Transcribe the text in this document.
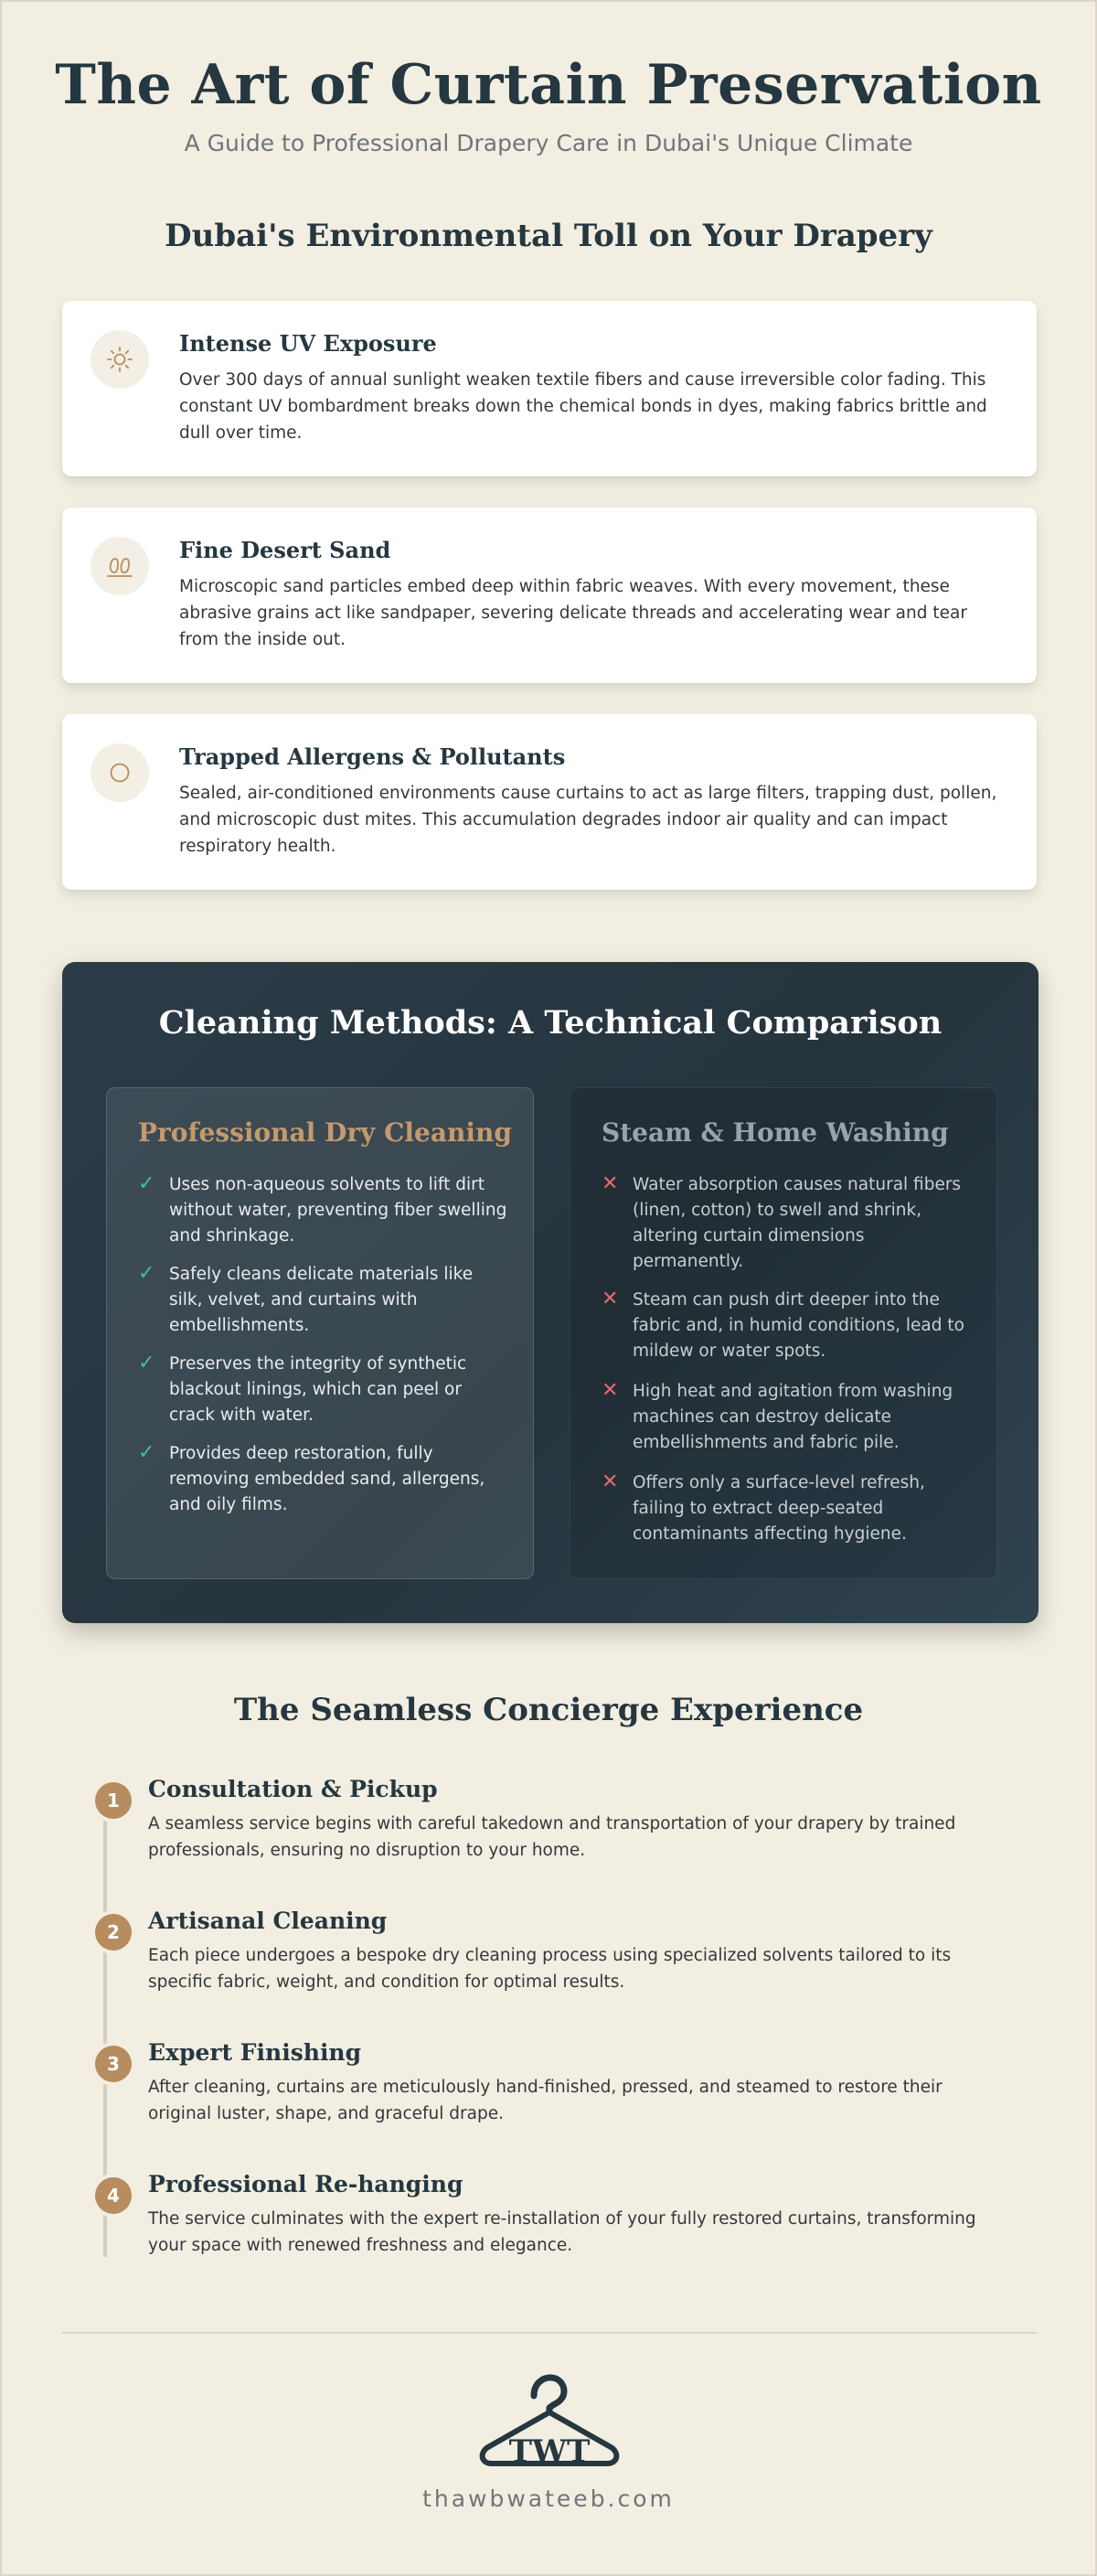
The Art of Curtain Preservation
A Guide to Professional Drapery Care in Dubai's Unique Climate
Dubai's Environmental Toll on Your Drapery
Intense UV Exposure

Over 300 days of annual sunlight weaken textile fibers and cause irreversible color fading. This constant UV bombardment breaks down the chemical bonds in dyes, making fabrics brittle and dull over time.

Fine Desert Sand

Microscopic sand particles embed deep within fabric weaves. With every movement, these abrasive grains act like sandpaper, severing delicate threads and accelerating wear and tear from the inside out.

Trapped Allergens & Pollutants

Sealed, air-conditioned environments cause curtains to act as large filters, trapping dust, pollen, and microscopic dust mites. This accumulation degrades indoor air quality and can impact respiratory health.

Cleaning Methods: A Technical Comparison
Professional Dry Cleaning
✓ Uses non-aqueous solvents to lift dirt without water, preventing fiber swelling and shrinkage.
✓ Safely cleans delicate materials like silk, velvet, and curtains with embellishments.
✓ Preserves the integrity of synthetic blackout linings, which can peel or crack with water.
✓ Provides deep restoration, fully removing embedded sand, allergens, and oily films.
Steam & Home Washing
✕ Water absorption causes natural fibers (linen, cotton) to swell and shrink, altering curtain dimensions permanently.
✕ Steam can push dirt deeper into the fabric and, in humid conditions, lead to mildew or water spots.
✕ High heat and agitation from washing machines can destroy delicate embellishments and fabric pile.
✕ Offers only a surface-level refresh, failing to extract deep-seated contaminants affecting hygiene.
The Seamless Concierge Experience
1	Consultation & Pickup

A seamless service begins with careful takedown and transportation of your drapery by trained professionals, ensuring no disruption to your home.

2	Artisanal Cleaning

Each piece undergoes a bespoke dry cleaning process using specialized solvents tailored to its specific fabric, weight, and condition for optimal results.

3	Expert Finishing

After cleaning, curtains are meticulously hand-finished, pressed, and steamed to restore their original luster, shape, and graceful drape.

4	Professional Re-hanging

The service culminates with the expert re-installation of your fully restored curtains, transforming your space with renewed freshness and elegance.

TWT
thawbwateeb.com
